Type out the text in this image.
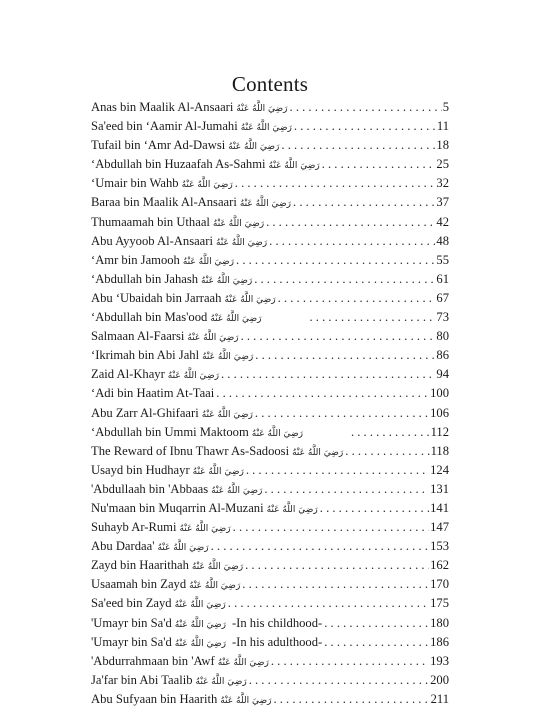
Contents
Anas bin Maalik Al-Ansaari رَضِيَ اللَّهُ عَنْهُ . . .	5
Sa'eed bin ‘Aamir Al-Jumahi رَضِيَ اللَّهُ عَنْهُ . . .	11
Tufail bin ‘Amr Ad-Dawsi رَضِيَ اللَّهُ عَنْهُ . . .	18
‘Abdullah bin Huzaafah As-Sahmi رَضِيَ اللَّهُ عَنْهُ . . .	25
‘Umair bin Wahb رَضِيَ اللَّهُ عَنْهُ . . .	32
Baraa bin Maalik Al-Ansaari رَضِيَ اللَّهُ عَنْهُ . . .	37
Thumaamah bin Uthaal رَضِيَ اللَّهُ عَنْهُ . . .	42
Abu Ayyoob Al-Ansaari رَضِيَ اللَّهُ عَنْهُ . . .	48
‘Amr bin Jamooh رَضِيَ اللَّهُ عَنْهُ . . .	55
‘Abdullah bin Jahash رَضِيَ اللَّهُ عَنْهُ . . .	61
Abu ‘Ubaidah bin Jarraah رَضِيَ اللَّهُ عَنْهُ . . .	67
‘Abdullah bin Mas'ood رَضِيَ اللَّهُ عَنْهُ . . .	73
Salmaan Al-Faarsi رَضِيَ اللَّهُ عَنْهُ . . .	80
‘Ikrimah bin Abi Jahl رَضِيَ اللَّهُ عَنْهُ . . .	86
Zaid Al-Khayr رَضِيَ اللَّهُ عَنْهُ . . .	94
‘Adi bin Haatim At-Taai . . .	100
Abu Zarr Al-Ghifaari رَضِيَ اللَّهُ عَنْهُ . . .	106
‘Abdullah bin Ummi Maktoom رَضِيَ اللَّهُ عَنْهُ . . .	112
The Reward of Ibnu Thawr As-Sadoosi رَضِيَ اللَّهُ عَنْهُ . . .	118
Usayd bin Hudhayr رَضِيَ اللَّهُ عَنْهُ . . .	124
'Abdullaah bin 'Abbaas رَضِيَ اللَّهُ عَنْهُ . . .	131
Nu'maan bin Muqarrin Al-Muzani رَضِيَ اللَّهُ عَنْهُ . . .	141
Suhayb Ar-Rumi رَضِيَ اللَّهُ عَنْهُ . . .	147
Abu Dardaa' رَضِيَ اللَّهُ عَنْهُ . . .	153
Zayd bin Haarithah رَضِيَ اللَّهُ عَنْهُ . . .	162
Usaamah bin Zayd رَضِيَ اللَّهُ عَنْهُ . . .	170
Sa'eed bin Zayd رَضِيَ اللَّهُ عَنْهُ . . .	175
'Umayr bin Sa'd رَضِيَ اللَّهُ عَنْهُ -In his childhood- . . .	180
'Umayr bin Sa'd رَضِيَ اللَّهُ عَنْهُ -In his adulthood- . . .	186
'Abdurrahmaan bin 'Awf رَضِيَ اللَّهُ عَنْهُ . . .	193
Ja'far bin Abi Taalib رَضِيَ اللَّهُ عَنْهُ . . .	200
Abu Sufyaan bin Haarith رَضِيَ اللَّهُ عَنْهُ . . .	211
